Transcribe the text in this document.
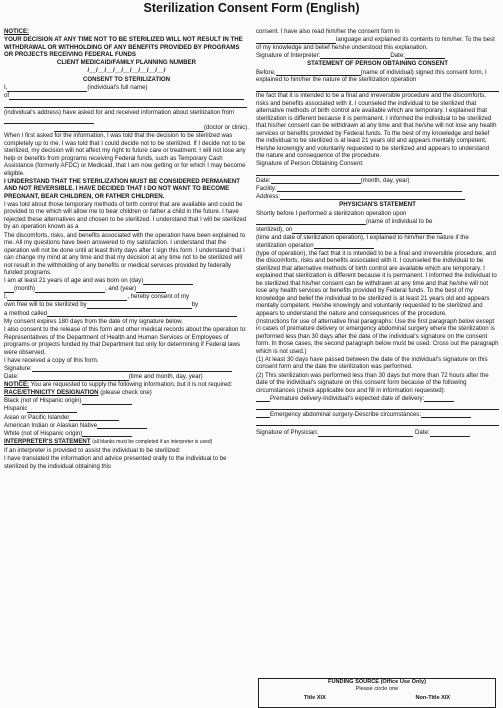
Sterilization Consent Form (English)
NOTICE:
YOUR DECISION AT ANY TIME NOT TO BE STERILIZED WILL NOT RESULT IN THE WITHDRAWAL OR WITHHOLDING OF ANY BENEFITS PROVIDED BY PROGRAMS OR PROJECTS RECEIVING FEDERAL FUNDS
CLIENT MEDICAID/FAMILY PLANNING NUMBER
/__/__/__/__/__/__/__/__/__/
CONSENT TO STERILIZATION
I,	(individual's full name)
of
(individual's address) have asked for and received information about sterilization from
(doctor or clinic).
When I first asked for the information, I was told that the decision to be sterilized was completely up to me. I was told that I could decide not to be sterilized. If I decide not to be sterilized, my decision will not affect my right to future care or treatment. I will not lose any help or benefits from programs receiving Federal funds, such as Temporary Cash Assistance (formerly AFDC) or Medicaid, that I am now getting or for which I may become eligible.
I UNDERSTAND THAT THE STERILIZATION MUST BE CONSIDERED PERMANENT AND NOT REVERSIBLE. I HAVE DECIDED THAT I DO NOT WANT TO BECOME PREGNANT, BEAR CHILDREN, OR FATHER CHILDREN.
I was told about those temporary methods of birth control that are available and could be provided to me which will allow me to bear children or father a child in the future. I have rejected these alternatives and chosen to be sterilized. I understand that I will be sterilized by an operation known as a
The discomforts, risks, and benefits associated with the operation have been explained to me. All my questions have been answered to my satisfaction. I understand that the operation will not be done until at least thirty days after I sign this form. I understand that I can change my mind at any time and that my decision at any time not to be sterilized will not result in the withholding of any benefits or medical services provided by federally funded programs.
I am at least 21 years of age and was born on (day)
(month)	, and (year)
I,	, hereby consent of my
own free will to be sterilized by	by
a method called
My consent expires 180 days from the date of my signature below.
I also consent to the release of this form and other medical records about the operation to:
Representatives of the Department of Health and Human Services or Employees of programs or projects funded by that Department but only for determining if Federal laws were observed.
I have received a copy of this form.
Signature:
Date:	(time and month, day, year)
NOTICE: You are requested to supply the following information, but it is not required:
RACE/ETHNICITY DESIGNATION (please check one)
Black (not of Hispanic origin)
Hispanic
Asian or Pacific Islander
American Indian or Alaskan Native
White (not of Hispanic origin)
INTERPRETER'S STATEMENT (all blanks must be completed if an interpreter is used)
If an interpreter is provided to assist the individual to be sterilized:
I have translated the information and advice presented orally to the individual to be sterilized by the individual obtaining this
consent. I have also read him/her the consent form in
language and explained its contents to him/her. To the best of my knowledge and belief he/she understood this explanation.
Signature of Interpreter:	Date:
STATEMENT OF PERSON OBTAINING CONSENT
Before,	(name of individual) signed this consent form, I explained to him/her the nature of the sterilization operation
the fact that it is intended to be a final and irreversible procedure and the discomforts, risks and benefits associated with it. I counseled the individual to be sterilized that alternative methods of birth control are available which are temporary. I explained that sterilization is different because it is permanent. I informed the individual to be sterilized that his/her consent can be withdrawn at any time and that he/she will not lose any health services or benefits provided by Federal funds. To the best of my knowledge and belief the individual to be sterilized is at least 21 years old and appears mentally competent. He/she knowingly and voluntarily requested to be sterilized and appears to understand the nature and consequence of the procedure.
Signature of Person Obtaining Consent:
Date:	(month, day, year)
Facility:
Address:
PHYSICIAN'S STATEMENT
Shortly before I performed a sterilization operation upon
(name of individual to be
sterilized), on
(time and date of sterilization operation), I explained to him/her the nature if the sterilization operation
(type of operation), the fact that it is intended to be a final and irreversible procedure, and the discomforts, risks and benefits associated with it. I counseled the individual to be sterilized that alternative methods of birth control are available which are temporary. I explained that sterilization is different because it is permanent. I informed the individual to be sterilized that his/her consent can be withdrawn at any time and that he/she will not lose any health services or benefits provided by Federal funds. To the best of my knowledge and belief the individual to be sterilized is at least 21 years old and appears mentally competent. He/she knowingly and voluntarily requested to be sterilized and appears to understand the nature and consequences of the procedure.
(Instructions for use of alternative final paragraphs: Use the first paragraph below except in cases of premature delivery or emergency abdominal surgery where the sterilization is performed less than 30 days after the date of the individual's signature on the consent form. In those cases, the second paragraph below must be used. Cross out the paragraph which is not used.)
(1) At least 30 days have passed between the date of the individual's signature on this consent form and the date the sterilization was performed.
(2) This sterilization was performed less than 30 days but more than 72 hours after the date of the individual's signature on this consent form because of the following circumstances (check applicable box and fill in information requested):
Premature delivery-Individual's expected date of delivery:
Emergency abdominal surgery-Describe circumstances:
Signature of Physician:	Date:
FUNDING SOURCE (Office Use Only)
Please circle one
Title XIX	Non-Title XIX
